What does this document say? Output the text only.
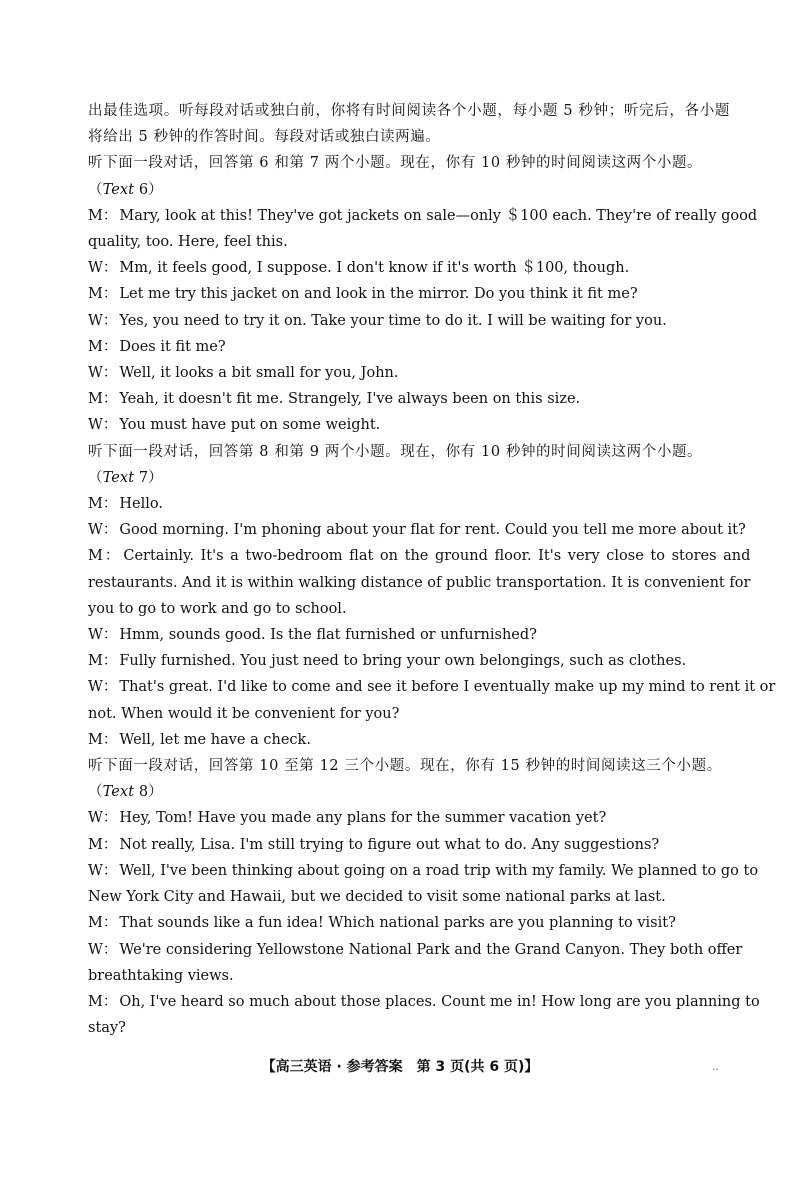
出最佳选项。听每段对话或独白前，你将有时间阅读各个小题，每小题 5 秒钟；听完后，各小题
将给出 5 秒钟的作答时间。每段对话或独白读两遍。
听下面一段对话，回答第 6 和第 7 两个小题。现在，你有 10 秒钟的时间阅读这两个小题。
（Text 6）
M： Mary, look at this! They've got jackets on sale—only ＄100 each. They're of really good
quality, too. Here, feel this.
W： Mm, it feels good, I suppose. I don't know if it's worth ＄100, though.
M： Let me try this jacket on and look in the mirror. Do you think it fit me?
W： Yes, you need to try it on. Take your time to do it. I will be waiting for you.
M： Does it fit me?
W： Well, it looks a bit small for you, John.
M： Yeah, it doesn't fit me. Strangely, I've always been on this size.
W： You must have put on some weight.
听下面一段对话，回答第 8 和第 9 两个小题。现在，你有 10 秒钟的时间阅读这两个小题。
（Text 7）
M： Hello.
W： Good morning. I'm phoning about your flat for rent. Could you tell me more about it?
M： Certainly. It's a two-bedroom flat on the ground floor. It's very close to stores and
restaurants. And it is within walking distance of public transportation. It is convenient for
you to go to work and go to school.
W： Hmm, sounds good. Is the flat furnished or unfurnished?
M： Fully furnished. You just need to bring your own belongings, such as clothes.
W： That's great. I'd like to come and see it before I eventually make up my mind to rent it or
not. When would it be convenient for you?
M： Well, let me have a check.
听下面一段对话，回答第 10 至第 12 三个小题。现在，你有 15 秒钟的时间阅读这三个小题。
（Text 8）
W： Hey, Tom! Have you made any plans for the summer vacation yet?
M： Not really, Lisa. I'm still trying to figure out what to do. Any suggestions?
W： Well, I've been thinking about going on a road trip with my family. We planned to go to
New York City and Hawaii, but we decided to visit some national parks at last.
M： That sounds like a fun idea! Which national parks are you planning to visit?
W： We're considering Yellowstone National Park and the Grand Canyon. They both offer
breathtaking views.
M： Oh, I've heard so much about those places. Count me in! How long are you planning to
stay?
【高三英语 · 参考答案　第 3 页(共 6 页)】	..
